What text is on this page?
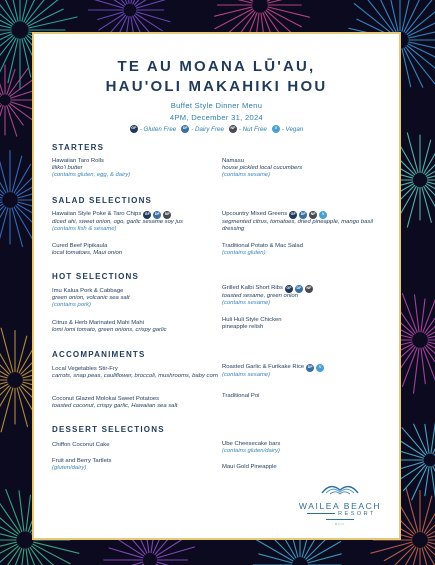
TE AU MOANA LŪ'AU,
HAU'OLI MAKAHIKI HOU
Buffet Style Dinner Menu
4PM, December 31, 2024
GF - Gluten Free	DF - Dairy Free	NF - Nut Free	V - Vegan
STARTERS
Hawaiian Taro Rolls
liliko'i butter
(contains gluten, egg, & dairy)
Namasu
house pickled local cucumbers
(contains sesame)
SALAD SELECTIONS
Hawaiian Style Poke & Taro Chips GF	DF	NF
diced ahi, sweet onion, ogo, garlic sesame soy jus
(contains fish & sesame)
Upcountry Mixed Greens GF	DF	NF	V
segmented citrus, tomatoes, dried pineapple, mango basil dressing
Cured Beef Pipikaula
local tomatoes, Maui onion
Traditional Potato & Mac Salad
(contains gluten)
HOT SELECTIONS
Imu Kalua Pork & Cabbage
green onion, volcanic sea salt
(contains pork)
Grilled Kalbi Short Ribs GF	DF	NF
toasted sesame, green onion
(contains sesame)
Citrus & Herb Marinated Mahi Mahi
lomi lomi tomato, green onions, crispy garlic
Huli Huli Style Chicken
pineapple relish
ACCOMPANIMENTS
Local Vegetables Stir-Fry
carrots, snap peas, cauliflower, broccoli, mushrooms, baby corn
Roasted Garlic & Furikake Rice DF	V
(contains sesame)
Coconut Glazed Molokai Sweet Potatoes
toasted coconut, crispy garlic, Hawaiian sea salt
Traditional Poi
DESSERT SELECTIONS
Chiffon Coconut Cake	Ube Cheesecake bars
(contains gluten/dairy)
Fruit and Berry Tartlets
(gluten/dairy)	Maui Gold Pineapple
WAILEA BEACH
RESORT
MAUI
